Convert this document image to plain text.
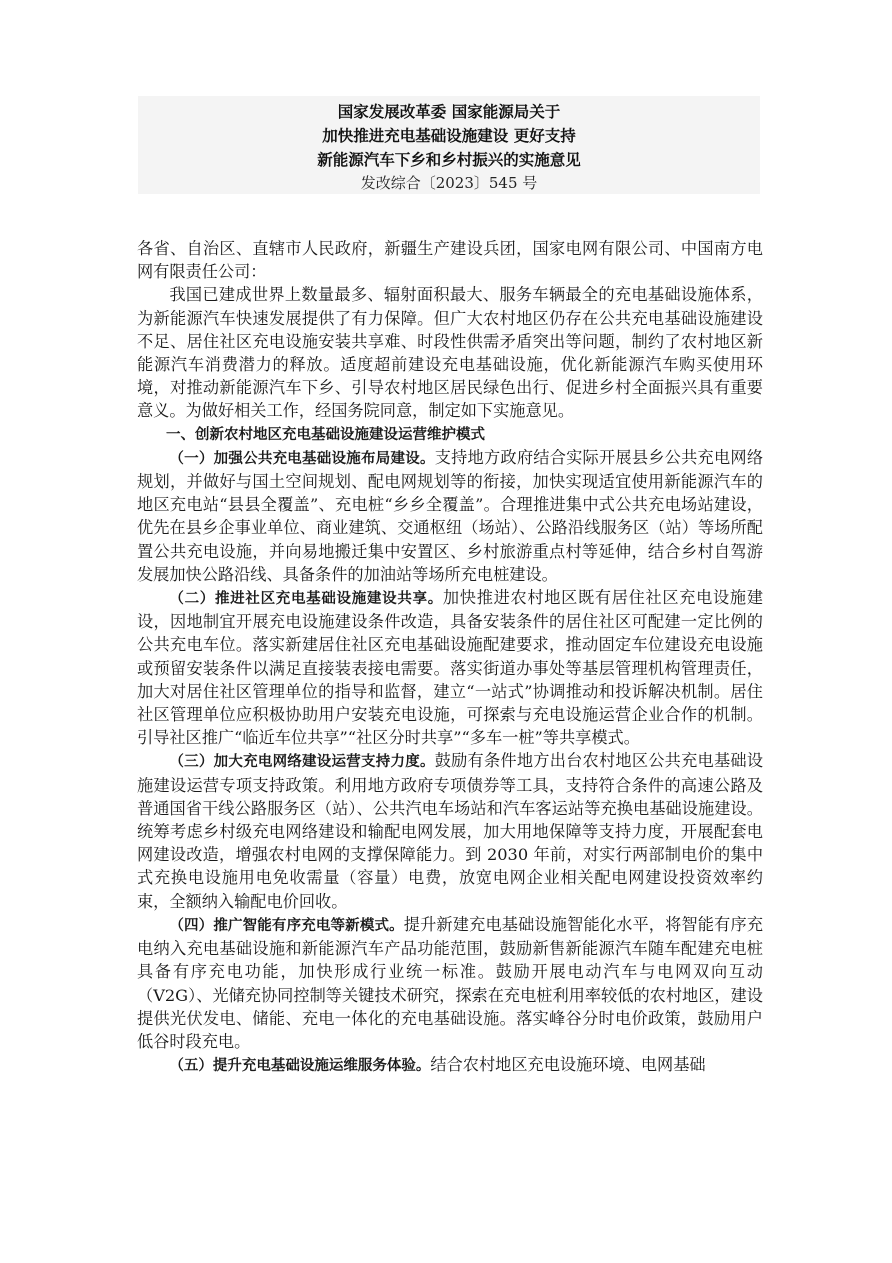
国家发展改革委 国家能源局关于
加快推进充电基础设施建设 更好支持
新能源汽车下乡和乡村振兴的实施意见
发改综合〔2023〕545 号

各省、自治区、直辖市人民政府，新疆生产建设兵团，国家电网有限公司、中国南方电网有限责任公司：

我国已建成世界上数量最多、辐射面积最大、服务车辆最全的充电基础设施体系，为新能源汽车快速发展提供了有力保障。但广大农村地区仍存在公共充电基础设施建设不足、居住社区充电设施安装共享难、时段性供需矛盾突出等问题，制约了农村地区新能源汽车消费潜力的释放。适度超前建设充电基础设施，优化新能源汽车购买使用环境，对推动新能源汽车下乡、引导农村地区居民绿色出行、促进乡村全面振兴具有重要意义。为做好相关工作，经国务院同意，制定如下实施意见。

一、创新农村地区充电基础设施建设运营维护模式

（一）加强公共充电基础设施布局建设。支持地方政府结合实际开展县乡公共充电网络规划，并做好与国土空间规划、配电网规划等的衔接，加快实现适宜使用新能源汽车的地区充电站“县县全覆盖”、充电桩“乡乡全覆盖”。合理推进集中式公共充电场站建设，优先在县乡企事业单位、商业建筑、交通枢纽（场站）、公路沿线服务区（站）等场所配置公共充电设施，并向易地搬迁集中安置区、乡村旅游重点村等延伸，结合乡村自驾游发展加快公路沿线、具备条件的加油站等场所充电桩建设。

（二）推进社区充电基础设施建设共享。加快推进农村地区既有居住社区充电设施建设，因地制宜开展充电设施建设条件改造，具备安装条件的居住社区可配建一定比例的公共充电车位。落实新建居住社区充电基础设施配建要求，推动固定车位建设充电设施或预留安装条件以满足直接装表接电需要。落实街道办事处等基层管理机构管理责任，加大对居住社区管理单位的指导和监督，建立“一站式”协调推动和投诉解决机制。居住社区管理单位应积极协助用户安装充电设施，可探索与充电设施运营企业合作的机制。引导社区推广“临近车位共享”“社区分时共享”“多车一桩”等共享模式。

（三）加大充电网络建设运营支持力度。鼓励有条件地方出台农村地区公共充电基础设施建设运营专项支持政策。利用地方政府专项债券等工具，支持符合条件的高速公路及普通国省干线公路服务区（站）、公共汽电车场站和汽车客运站等充换电基础设施建设。统筹考虑乡村级充电网络建设和输配电网发展，加大用地保障等支持力度，开展配套电网建设改造，增强农村电网的支撑保障能力。到 2030 年前，对实行两部制电价的集中式充换电设施用电免收需量（容量）电费，放宽电网企业相关配电网建设投资效率约束，全额纳入输配电价回收。

（四）推广智能有序充电等新模式。提升新建充电基础设施智能化水平，将智能有序充电纳入充电基础设施和新能源汽车产品功能范围，鼓励新售新能源汽车随车配建充电桩具备有序充电功能，加快形成行业统一标准。鼓励开展电动汽车与电网双向互动（V2G）、光储充协同控制等关键技术研究，探索在充电桩利用率较低的农村地区，建设提供光伏发电、储能、充电一体化的充电基础设施。落实峰谷分时电价政策，鼓励用户低谷时段充电。

（五）提升充电基础设施运维服务体验。结合农村地区充电设施环境、电网基础
